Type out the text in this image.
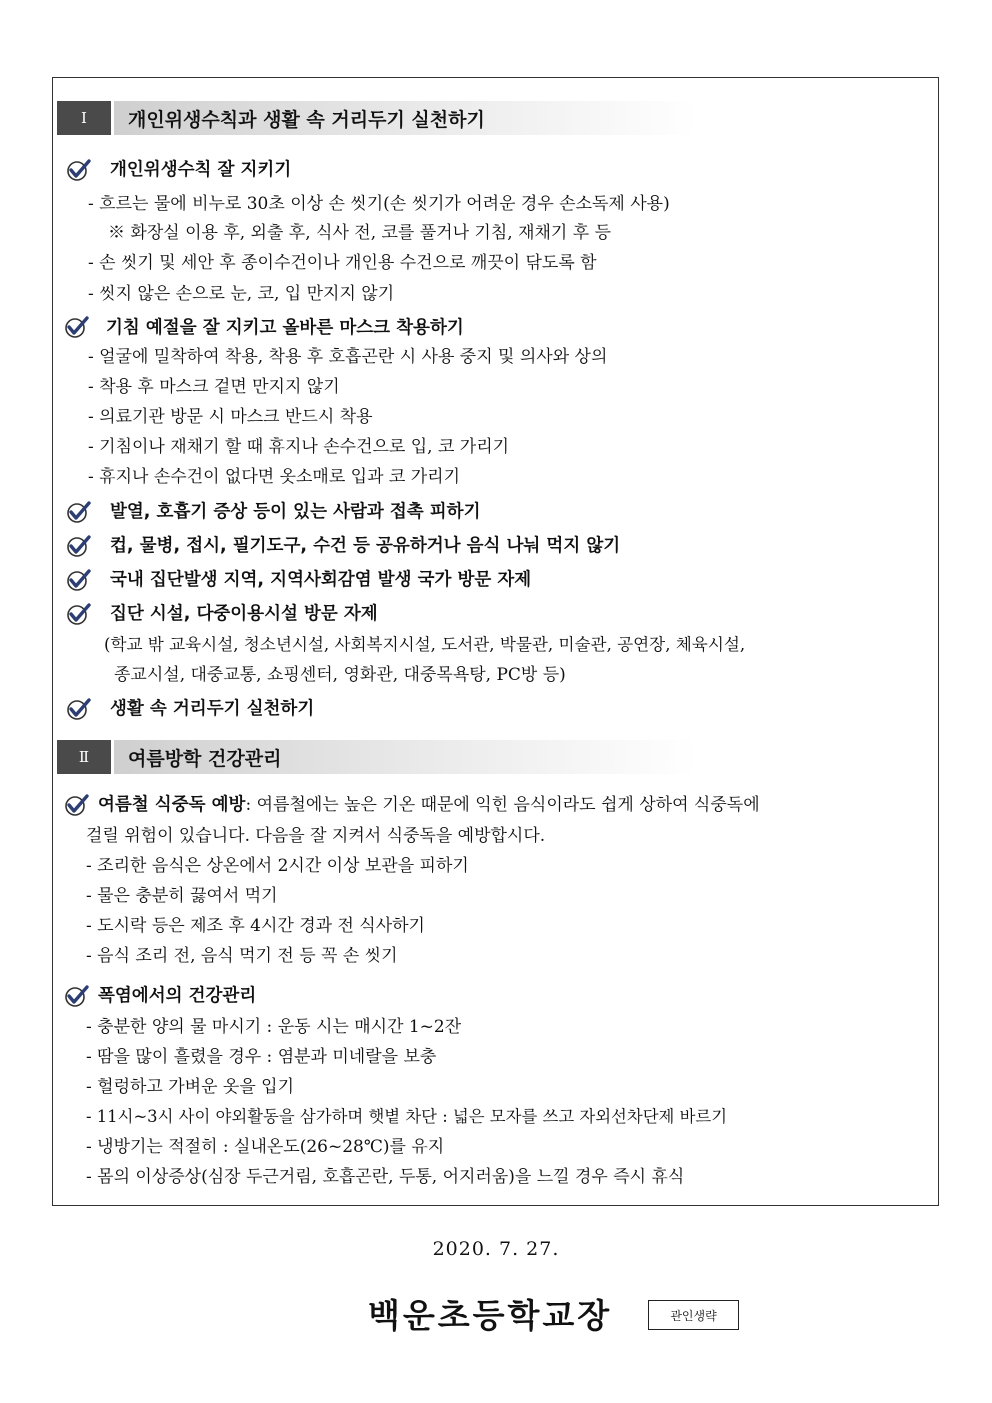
Ⅰ	개인위생수칙과 생활 속 거리두기 실천하기
개인위생수칙 잘 지키기
- 흐르는 물에 비누로 30초 이상 손 씻기(손 씻기가 어려운 경우 손소독제 사용)
※ 화장실 이용 후, 외출 후, 식사 전, 코를 풀거나 기침, 재채기 후 등
- 손 씻기 및 세안 후 종이수건이나 개인용 수건으로 깨끗이 닦도록 함
- 씻지 않은 손으로 눈, 코, 입 만지지 않기
기침 예절을 잘 지키고 올바른 마스크 착용하기
- 얼굴에 밀착하여 착용, 착용 후 호흡곤란 시 사용 중지 및 의사와 상의
- 착용 후 마스크 겉면 만지지 않기
- 의료기관 방문 시 마스크 반드시 착용
- 기침이나 재채기 할 때 휴지나 손수건으로 입, 코 가리기
- 휴지나 손수건이 없다면 옷소매로 입과 코 가리기
발열, 호흡기 증상 등이 있는 사람과 접촉 피하기
컵, 물병, 접시, 필기도구, 수건 등 공유하거나 음식 나눠 먹지 않기
국내 집단발생 지역, 지역사회감염 발생 국가 방문 자제
집단 시설, 다중이용시설 방문 자제
(학교 밖 교육시설, 청소년시설, 사회복지시설, 도서관, 박물관, 미술관, 공연장, 체육시설,
종교시설, 대중교통, 쇼핑센터, 영화관, 대중목욕탕, PC방 등)
생활 속 거리두기 실천하기
Ⅱ	여름방학 건강관리
여름철 식중독 예방: 여름철에는 높은 기온 때문에 익힌 음식이라도 쉽게 상하여 식중독에
걸릴 위험이 있습니다. 다음을 잘 지켜서 식중독을 예방합시다.
- 조리한 음식은 상온에서 2시간 이상 보관을 피하기
- 물은 충분히 끓여서 먹기
- 도시락 등은 제조 후 4시간 경과 전 식사하기
- 음식 조리 전, 음식 먹기 전 등 꼭 손 씻기
폭염에서의 건강관리
- 충분한 양의 물 마시기 : 운동 시는 매시간 1~2잔
- 땀을 많이 흘렸을 경우 : 염분과 미네랄을 보충
- 헐렁하고 가벼운 옷을 입기
- 11시~3시 사이 야외활동을 삼가하며 햇볕 차단 : 넓은 모자를 쓰고 자외선차단제 바르기
- 냉방기는 적절히 : 실내온도(26~28℃)를 유지
- 몸의 이상증상(심장 두근거림, 호흡곤란, 두통, 어지러움)을 느낄 경우 즉시 휴식
2020. 7. 27.
백운초등학교장	관인생략
